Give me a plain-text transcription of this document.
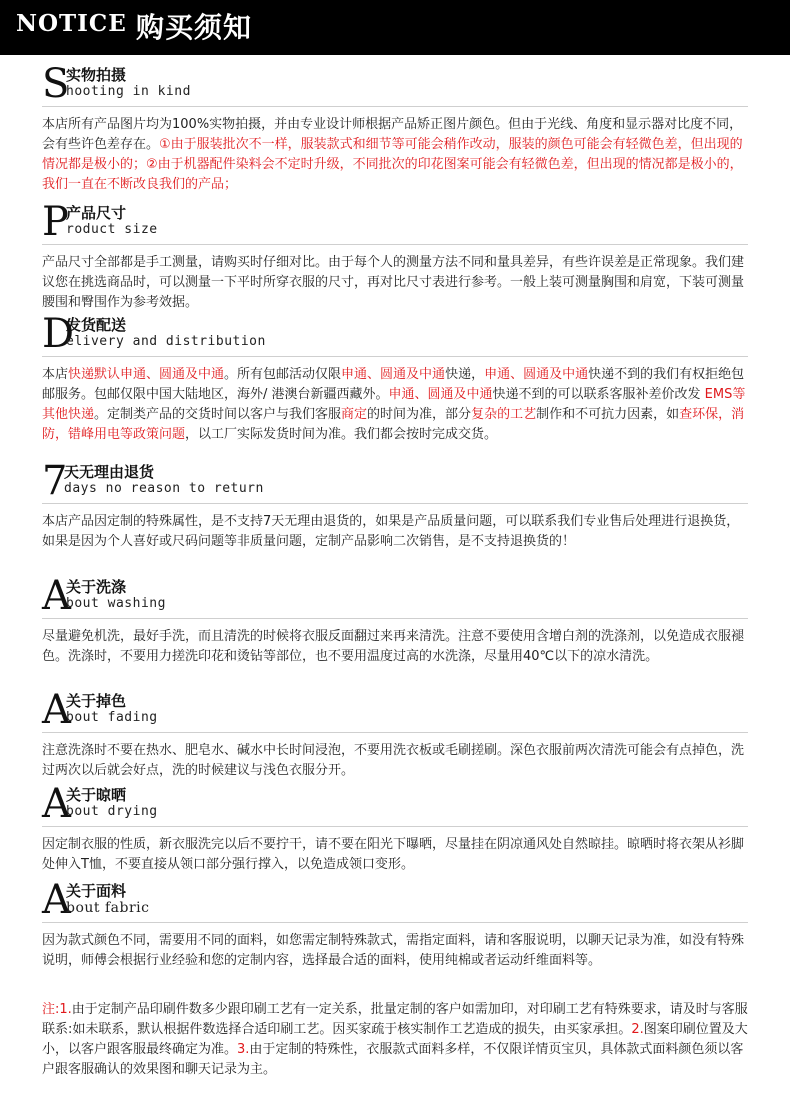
NOTICE 购买须知
S
实物拍摄
hooting in kind
本店所有产品图片均为100%实物拍摄，并由专业设计师根据产品矫正图片颜色。但由于光线、角度和显示器对比度不同，会有些许色差存在。①由于服装批次不一样，服装款式和细节等可能会稍作改动，服装的颜色可能会有轻微色差，但出现的情况都是极小的；②由于机器配件染料会不定时升级，不同批次的印花图案可能会有轻微色差，但出现的情况都是极小的，我们一直在不断改良我们的产品；
P
产品尺寸
roduct size
产品尺寸全部都是手工测量，请购买时仔细对比。由于每个人的测量方法不同和量具差异，有些许误差是正常现象。我们建议您在挑选商品时，可以测量一下平时所穿衣服的尺寸，再对比尺寸表进行参考。一般上装可测量胸围和肩宽，下装可测量腰围和臀围作为参考效据。
D
发货配送
elivery and distribution
本店快递默认申通、圆通及中通。所有包邮活动仅限申通、圆通及中通快递，申通、圆通及中通快递不到的我们有权拒绝包邮服务。包邮仅限中国大陆地区，海外/ 港澳台新疆西藏外。申通、圆通及中通快递不到的可以联系客服补差价改发 EMS等其他快递。定制类产品的交货时间以客户与我们客服商定的时间为准，部分复杂的工艺制作和不可抗力因素，如查环保，消防，错峰用电等政策问题，以工厂实际发货时间为准。我们都会按时完成交货。
7
天无理由退货
days no reason to return
本店产品因定制的特殊属性，是不支持7天无理由退货的，如果是产品质量问题，可以联系我们专业售后处理进行退换货，如果是因为个人喜好或尺码问题等非质量问题，定制产品影响二次销售，是不支持退换货的！
A
关于洗涤
bout washing
尽量避免机洗，最好手洗，而且清洗的时候将衣服反面翻过来再来清洗。注意不要使用含增白剂的洗涤剂，以免造成衣服褪色。洗涤时，不要用力搓洗印花和烫钻等部位，也不要用温度过高的水洗涤，尽量用40℃以下的凉水清洗。
A
关于掉色
bout fading
注意洗涤时不要在热水、肥皂水、碱水中长时间浸泡，不要用洗衣板或毛刷搓刷。深色衣服前两次清洗可能会有点掉色，洗过两次以后就会好点，洗的时候建议与浅色衣服分开。
A
关于晾晒
bout drying
因定制衣服的性质，新衣服洗完以后不要拧干，请不要在阳光下曝晒，尽量挂在阴凉通风处自然晾挂。晾晒时将衣架从衫脚处伸入T恤，不要直接从领口部分强行撑入，以免造成领口变形。
A
关于面料
bout fabric
因为款式颜色不同，需要用不同的面料，如您需定制特殊款式，需指定面料，请和客服说明，以聊天记录为准，如没有特殊说明，师傅会根据行业经验和您的定制内容，选择最合适的面料，使用纯棉或者运动纤维面料等。
注:1.由于定制产品印刷件数多少跟印刷工艺有一定关系，批量定制的客户如需加印，对印刷工艺有特殊要求，请及时与客服联系:如未联系，默认根据件数选择合适印刷工艺。因买家疏于核实制作工艺造成的损失，由买家承担。2.图案印刷位置及大小，以客户跟客服最终确定为准。3.由于定制的特殊性，衣服款式面料多样，不仅限详情页宝贝，具体款式面料颜色须以客户跟客服确认的效果图和聊天记录为主。
